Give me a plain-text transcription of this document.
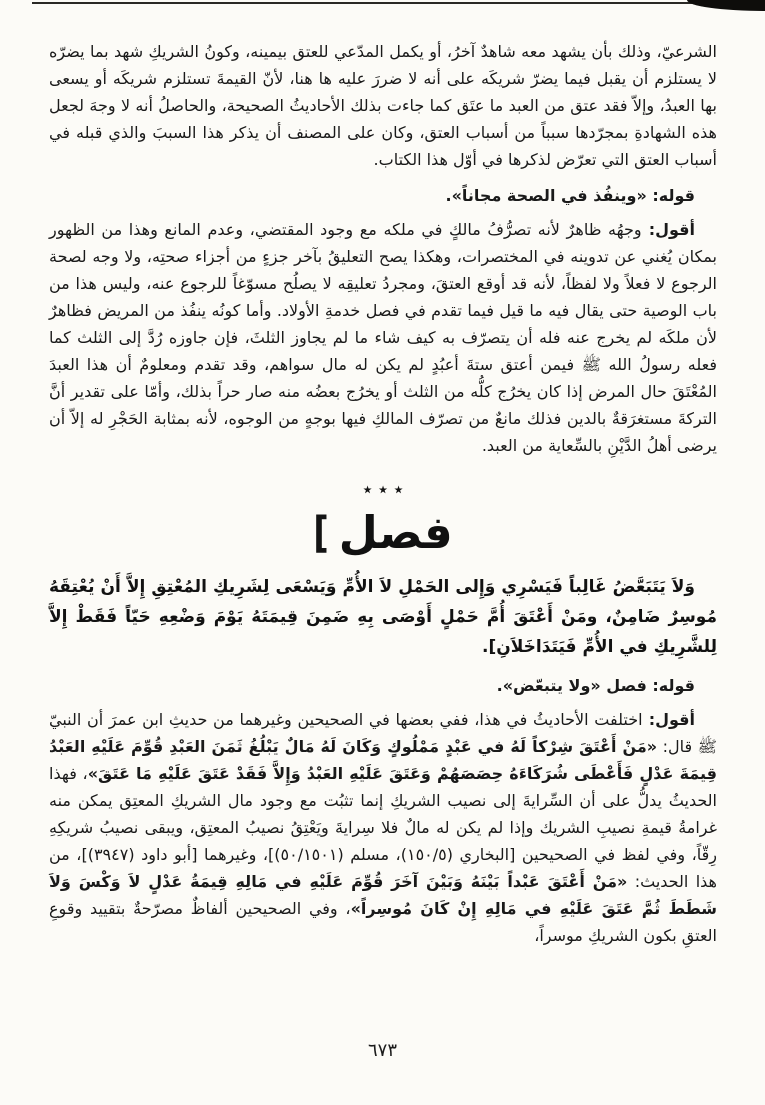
الشرعيّ، وذلك بأن يشهد معه شاهدٌ آخرُ، أو يكمل المدّعي للعتق بيمينه، وكونُ الشريكِ شهد بما يضرّه لا يستلزم أن يقبل فيما يضرّ شريكَه على أنه لا ضررَ عليه ها هنا، لأنّ القيمةَ تستلزم شريكَه أو يسعى بها العبدُ، وإلاّ فقد عتق من العبد ما عتَق كما جاءت بذلك الأحاديثُ الصحيحة، والحاصلُ أنه لا وجهَ لجعل هذه الشهادةِ بمجرّدها سبباً من أسباب العتق، وكان على المصنف أن يذكر هذا السببَ والذي قبله في أسباب العتق التي تعرّض لذكرها في أوّل هذا الكتاب.

قوله: «وينفُذ في الصحة مجاناً».

أقول: وجهُه ظاهرٌ لأنه تصرُّفُ مالكٍ في ملكه مع وجود المقتضي، وعدم المانع وهذا من الظهور بمكان يُغني عن تدوينه في المختصرات، وهكذا يصح التعليقُ بآخر جزءٍ من أجزاء صحتِه، ولا وجه لصحة الرجوع لا فعلاً ولا لفظاً، لأنه قد أوقع العتقَ، ومجردُ تعليقِه لا يصلُح مسوّغاً للرجوع عنه، وليس هذا من باب الوصية حتى يقال فيه ما قيل فيما تقدم في فصل خدمةِ الأولاد. وأما كونُه ينفُذ من المريض فظاهرٌ لأن ملكَه لم يخرج عنه فله أن يتصرّف به كيف شاء ما لم يجاوز الثلثَ، فإن جاوزه رُدَّ إلى الثلث كما فعله رسولُ الله ﷺ فيمن أعتق ستةَ أعبُدٍ لم يكن له مال سواهم، وقد تقدم ومعلومٌ أن هذا العبدَ المُعْتَقَ حال المرض إذا كان يخرُج كلُّه من الثلث أو يخرُج بعضُه منه صار حراً بذلك، وأمّا على تقدير أنَّ التركةَ مستغرَقةٌ بالدين فذلك مانعٌ من تصرّف المالكِ فيها بوجهٍ من الوجوه، لأنه بمثابة الحَجْرِ له إلاّ أن يرضى أهلُ الدَّيْنِ بالسِّعاية من العبد.

٭ ٭ ٭
[ فصل

وَلاَ يَتَبَعَّضُ غَالِباً فَيَسْرِي وَإِلى الحَمْلِ لاَ الأُمِّ وَيَسْعَى لِشَرِيكِ المُعْتِقِ إِلاَّ أَنْ يُعْتِقَهُ مُوسِرٌ ضَامِنٌ، ومَنْ أَعْتَقَ أُمَّ حَمْلٍ أَوْصَى بِهِ ضَمِنَ قِيمَتَهُ يَوْمَ وَضْعِهِ حَيّاً فَقَطْ إِلاَّ لِلشَّرِيكِ في الأُمِّ فَيَتَدَاخَلاَنِ].

قوله: فصل «ولا يتبعّض».

أقول: اختلفت الأحاديثُ في هذا، ففي بعضها في الصحيحين وغيرهما من حديثِ ابن عمرَ أن النبيّ ﷺ قال: «مَنْ أَعْتَقَ شِرْكاً لَهُ في عَبْدٍ مَمْلُوكٍ وَكَانَ لَهُ مَالٌ يَبْلُغُ ثَمَنَ العَبْدِ قُوِّمَ عَلَيْهِ العَبْدُ قِيمَةَ عَدْلٍ فَأَعْطَى شُرَكَاءَهُ حِصَصَهُمْ وَعَتَقَ عَلَيْهِ العَبْدُ وَإِلاَّ فَقَدْ عَتَقَ عَلَيْهِ مَا عَتَقَ»، فهذا الحديثُ يدلُّ على أن السِّرايةَ إلى نصيب الشريكِ إنما تثبُت مع وجود مال الشريكِ المعتِق يمكن منه غرامةُ قيمةِ نصيبِ الشريك وإذا لم يكن له مالٌ فلا سِرايةَ ويَعْتِقُ نصيبُ المعتِق، ويبقى نصيبُ شريكِهِ رِقّاً، وفي لفظ في الصحيحين [البخاري (١٥٠/٥)، مسلم (٥٠/١٥٠١)]، وغيرهما [أبو داود (٣٩٤٧)]، من هذا الحديث: «مَنْ أَعْتَقَ عَبْداً بَيْنَهُ وَبَيْنَ آخَرَ قُوِّمَ عَلَيْهِ في مَالِهِ قِيمَةُ عَدْلٍ لاَ وَكْسَ وَلاَ شَطَطَ ثُمَّ عَتَقَ عَلَيْهِ في مَالِهِ إِنْ كَانَ مُوسِراً»، وفي الصحيحين ألفاظٌ مصرّحةٌ بتقييد وقوعِ العتقِ بكون الشريكِ موسراً،

٦٧٣
